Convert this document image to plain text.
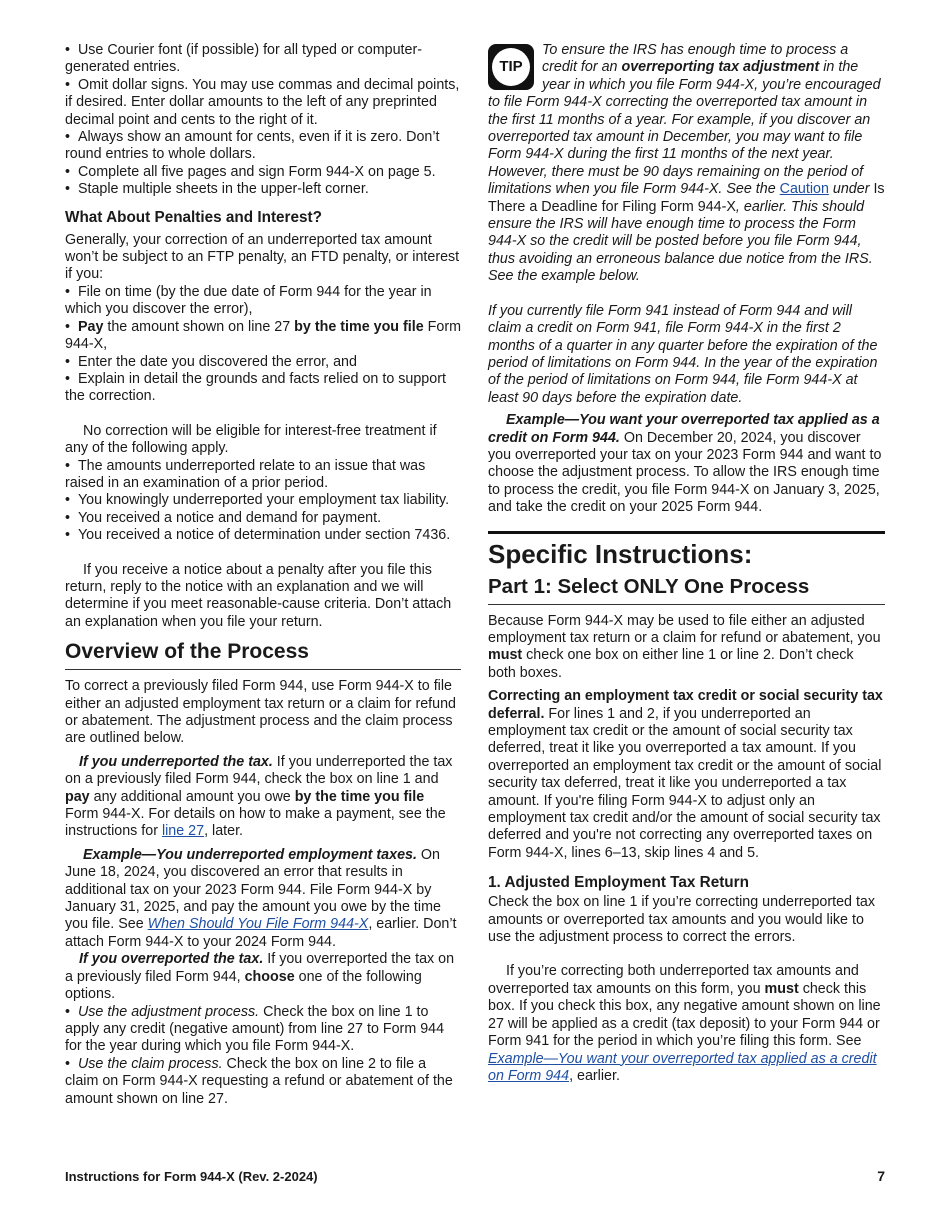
•  Use Courier font (if possible) for all typed or computer-generated entries.

•  Omit dollar signs. You may use commas and decimal points, if desired. Enter dollar amounts to the left of any preprinted decimal point and cents to the right of it.

•  Always show an amount for cents, even if it is zero. Don’t round entries to whole dollars.

•  Complete all five pages and sign Form 944-X on page 5.

•  Staple multiple sheets in the upper-left corner.

What About Penalties and Interest?

Generally, your correction of an underreported tax amount won’t be subject to an FTP penalty, an FTD penalty, or interest if you:

•  File on time (by the due date of Form 944 for the year in which you discover the error),

•  Pay the amount shown on line 27 by the time you file Form 944-X,

•  Enter the date you discovered the error, and

•  Explain in detail the grounds and facts relied on to support the correction.

No correction will be eligible for interest-free treatment if any of the following apply.

•  The amounts underreported relate to an issue that was raised in an examination of a prior period.

•  You knowingly underreported your employment tax liability.

•  You received a notice and demand for payment.

•  You received a notice of determination under section 7436.

If you receive a notice about a penalty after you file this return, reply to the notice with an explanation and we will determine if you meet reasonable-cause criteria. Don’t attach an explanation when you file your return.

Overview of the Process

To correct a previously filed Form 944, use Form 944-X to file either an adjusted employment tax return or a claim for refund or abatement. The adjustment process and the claim process are outlined below.

If you underreported the tax. If you underreported the tax on a previously filed Form 944, check the box on line 1 and pay any additional amount you owe by the time you file Form 944-X. For details on how to make a payment, see the instructions for line 27, later.

Example—You underreported employment taxes. On June 18, 2024, you discovered an error that results in additional tax on your 2023 Form 944. File Form 944-X by January 31, 2025, and pay the amount you owe by the time you file. See When Should You File Form 944-X, earlier. Don’t attach Form 944-X to your 2024 Form 944.

If you overreported the tax. If you overreported the tax on a previously filed Form 944, choose one of the following options.

•  Use the adjustment process. Check the box on line 1 to apply any credit (negative amount) from line 27 to Form 944 for the year during which you file Form 944-X.

•  Use the claim process. Check the box on line 2 to file a claim on Form 944-X requesting a refund or abatement of the amount shown on line 27.

TIP

To ensure the IRS has enough time to process a credit for an overreporting tax adjustment in the year in which you file Form 944-X, you’re encouraged to file Form 944-X correcting the overreported tax amount in the first 11 months of a year. For example, if you discover an overreported tax amount in December, you may want to file Form 944-X during the first 11 months of the next year. However, there must be 90 days remaining on the period of limitations when you file Form 944-X. See the Caution under Is There a Deadline for Filing Form 944-X, earlier. This should ensure the IRS will have enough time to process the Form 944-X so the credit will be posted before you file Form 944, thus avoiding an erroneous balance due notice from the IRS. See the example below.

If you currently file Form 941 instead of Form 944 and will claim a credit on Form 941, file Form 944-X in the first 2 months of a quarter in any quarter before the expiration of the period of limitations on Form 944. In the year of the expiration of the period of limitations on Form 944, file Form 944-X at least 90 days before the expiration date.

Example—You want your overreported tax applied as a credit on Form 944. On December 20, 2024, you discover you overreported your tax on your 2023 Form 944 and want to choose the adjustment process. To allow the IRS enough time to process the credit, you file Form 944-X on January 3, 2025, and take the credit on your 2025 Form 944.

Specific Instructions:
Part 1: Select ONLY One Process

Because Form 944-X may be used to file either an adjusted employment tax return or a claim for refund or abatement, you must check one box on either line 1 or line 2. Don’t check both boxes.

Correcting an employment tax credit or social security tax deferral. For lines 1 and 2, if you underreported an employment tax credit or the amount of social security tax deferred, treat it like you overreported a tax amount. If you overreported an employment tax credit or the amount of social security tax deferred, treat it like you underreported a tax amount. If you're filing Form 944-X to adjust only an employment tax credit and/or the amount of social security tax deferred and you're not correcting any overreported taxes on Form 944-X, lines 6–13, skip lines 4 and 5.

1. Adjusted Employment Tax Return

Check the box on line 1 if you’re correcting underreported tax amounts or overreported tax amounts and you would like to use the adjustment process to correct the errors.

If you’re correcting both underreported tax amounts and overreported tax amounts on this form, you must check this box. If you check this box, any negative amount shown on line 27 will be applied as a credit (tax deposit) to your Form 944 or Form 941 for the period in which you’re filing this form. See Example—You want your overreported tax applied as a credit on Form 944, earlier.

Instructions for Form 944-X (Rev. 2-2024)	7
